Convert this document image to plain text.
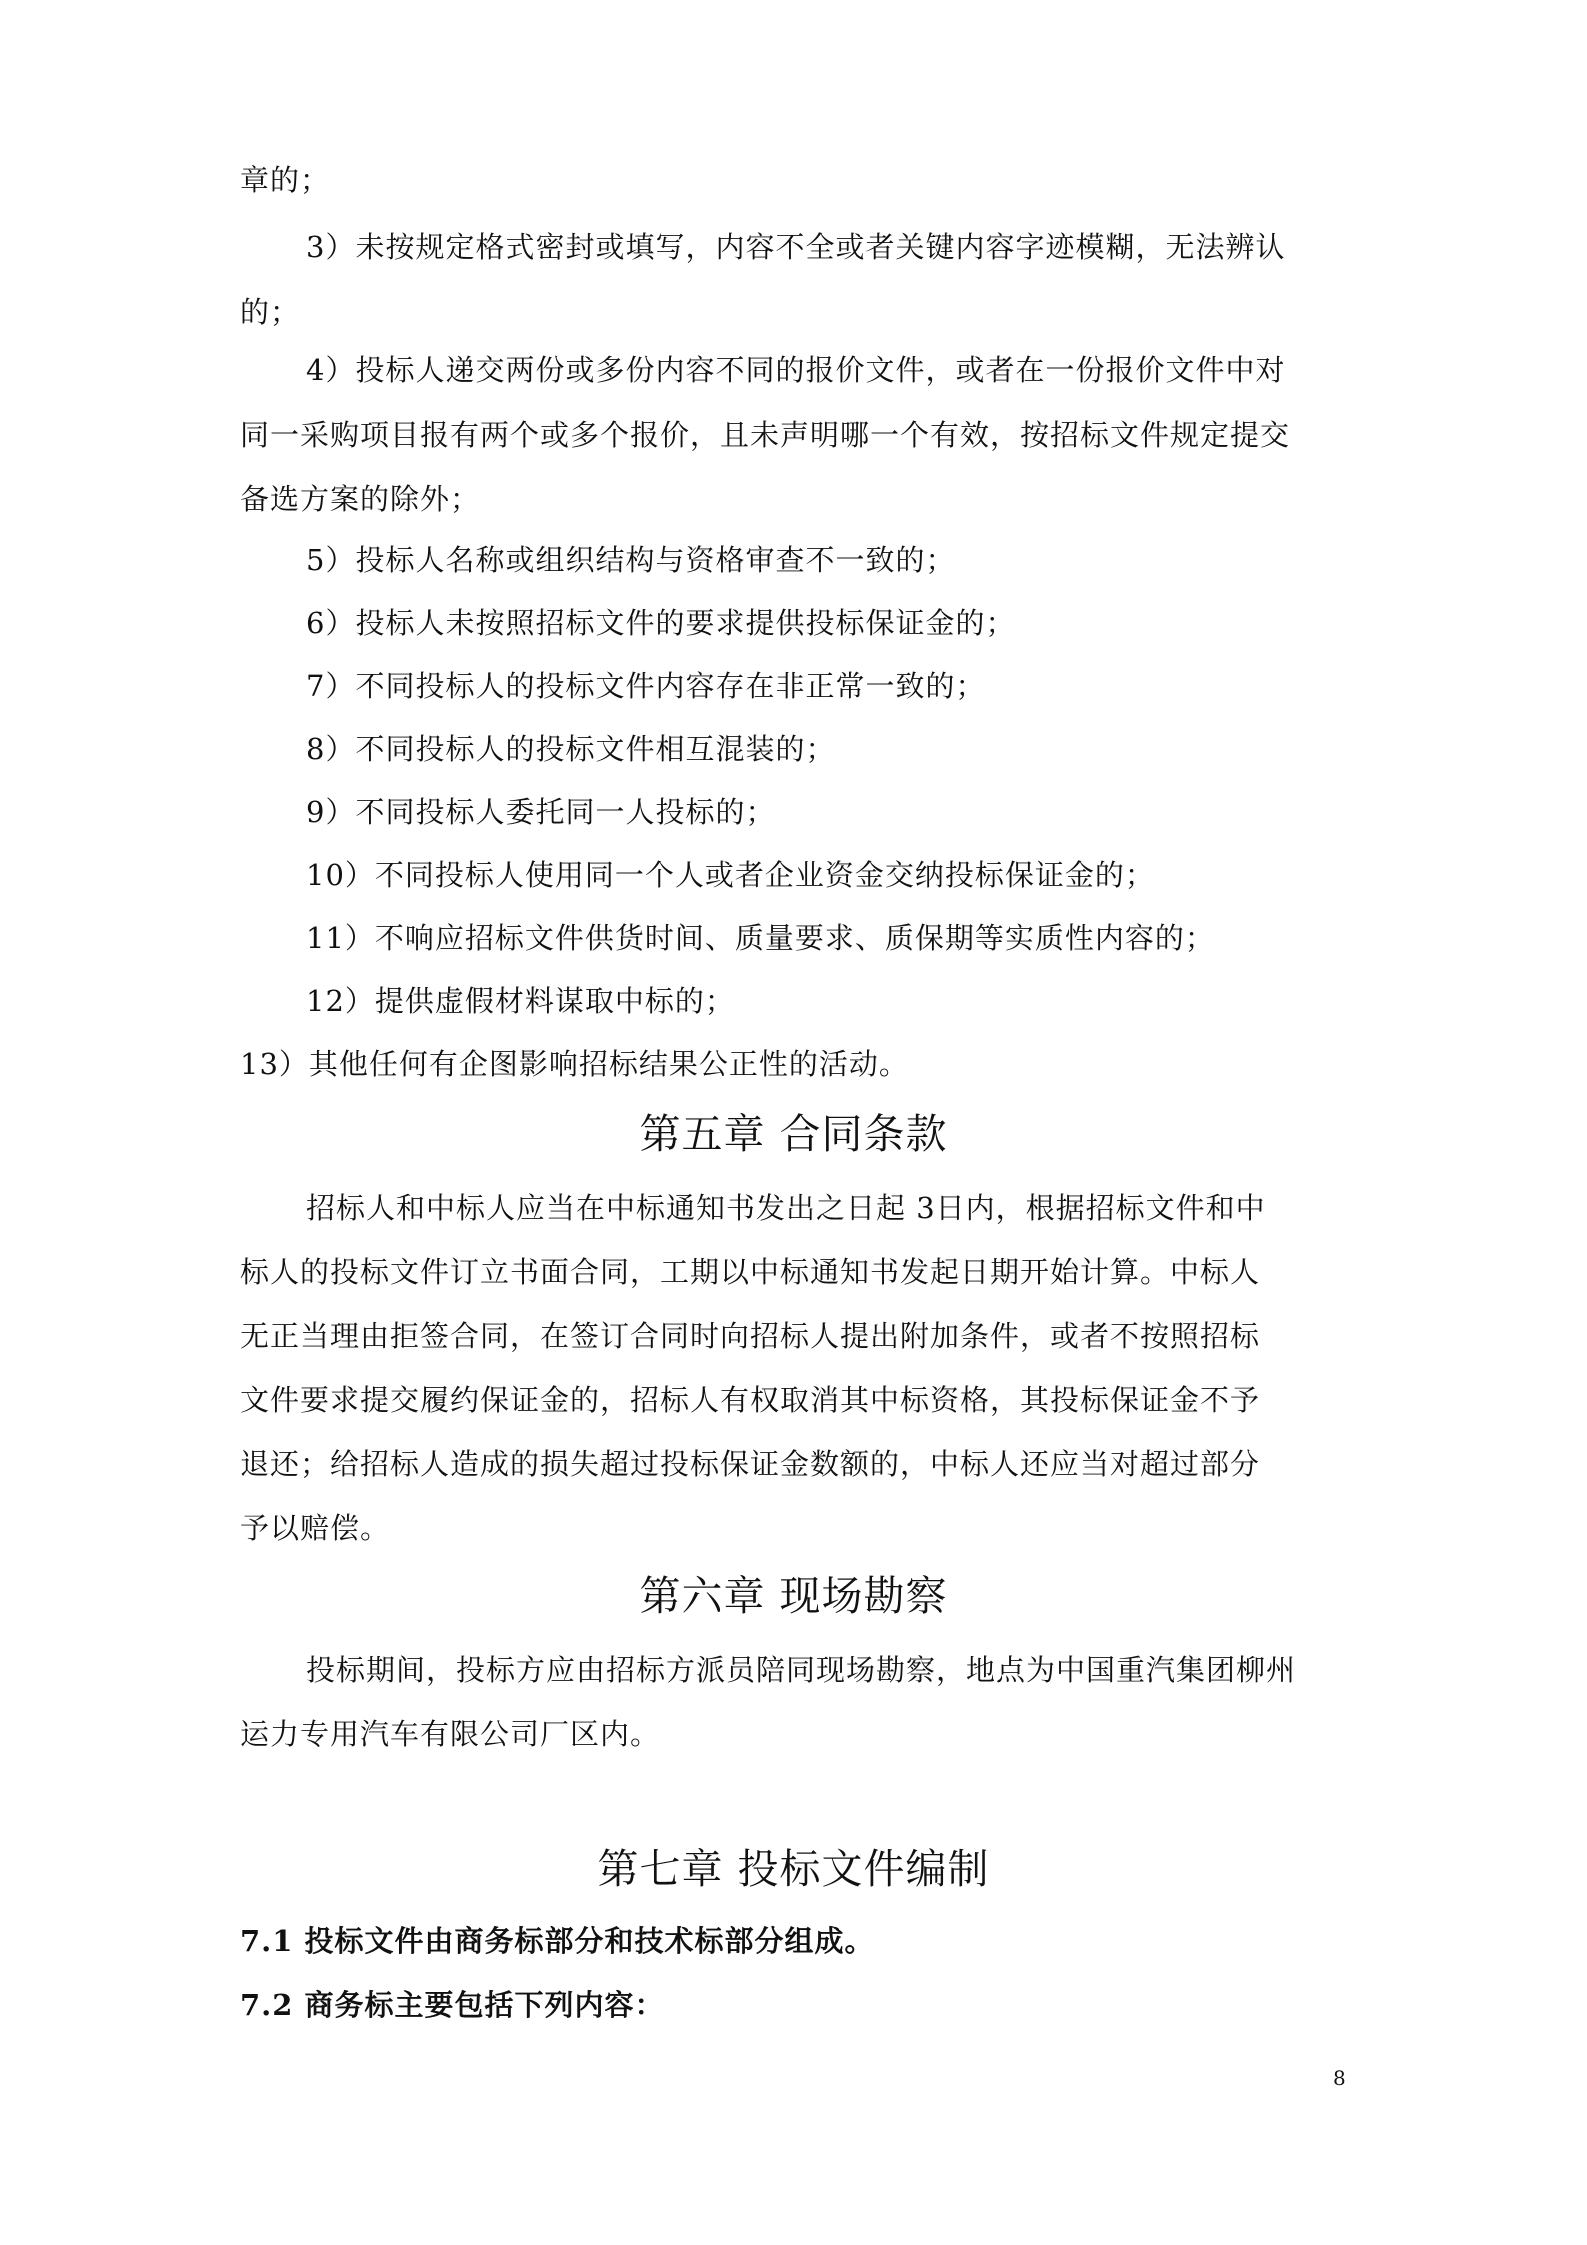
章的；
3）未按规定格式密封或填写，内容不全或者关键内容字迹模糊，无法辨认
的；
4）投标人递交两份或多份内容不同的报价文件，或者在一份报价文件中对
同一采购项目报有两个或多个报价，且未声明哪一个有效，按招标文件规定提交
备选方案的除外；
5）投标人名称或组织结构与资格审查不一致的；
6）投标人未按照招标文件的要求提供投标保证金的；
7）不同投标人的投标文件内容存在非正常一致的；
8）不同投标人的投标文件相互混装的；
9）不同投标人委托同一人投标的；
10）不同投标人使用同一个人或者企业资金交纳投标保证金的；
11）不响应招标文件供货时间、质量要求、质保期等实质性内容的；
12）提供虚假材料谋取中标的；
13）其他任何有企图影响招标结果公正性的活动。
第五章 合同条款
招标人和中标人应当在中标通知书发出之日起 3日内，根据招标文件和中
标人的投标文件订立书面合同，工期以中标通知书发起日期开始计算。中标人
无正当理由拒签合同，在签订合同时向招标人提出附加条件，或者不按照招标
文件要求提交履约保证金的，招标人有权取消其中标资格，其投标保证金不予
退还；给招标人造成的损失超过投标保证金数额的，中标人还应当对超过部分
予以赔偿。
第六章 现场勘察
投标期间，投标方应由招标方派员陪同现场勘察，地点为中国重汽集团柳州
运力专用汽车有限公司厂区内。
第七章 投标文件编制
7.1 投标文件由商务标部分和技术标部分组成。
7.2 商务标主要包括下列内容：
8
